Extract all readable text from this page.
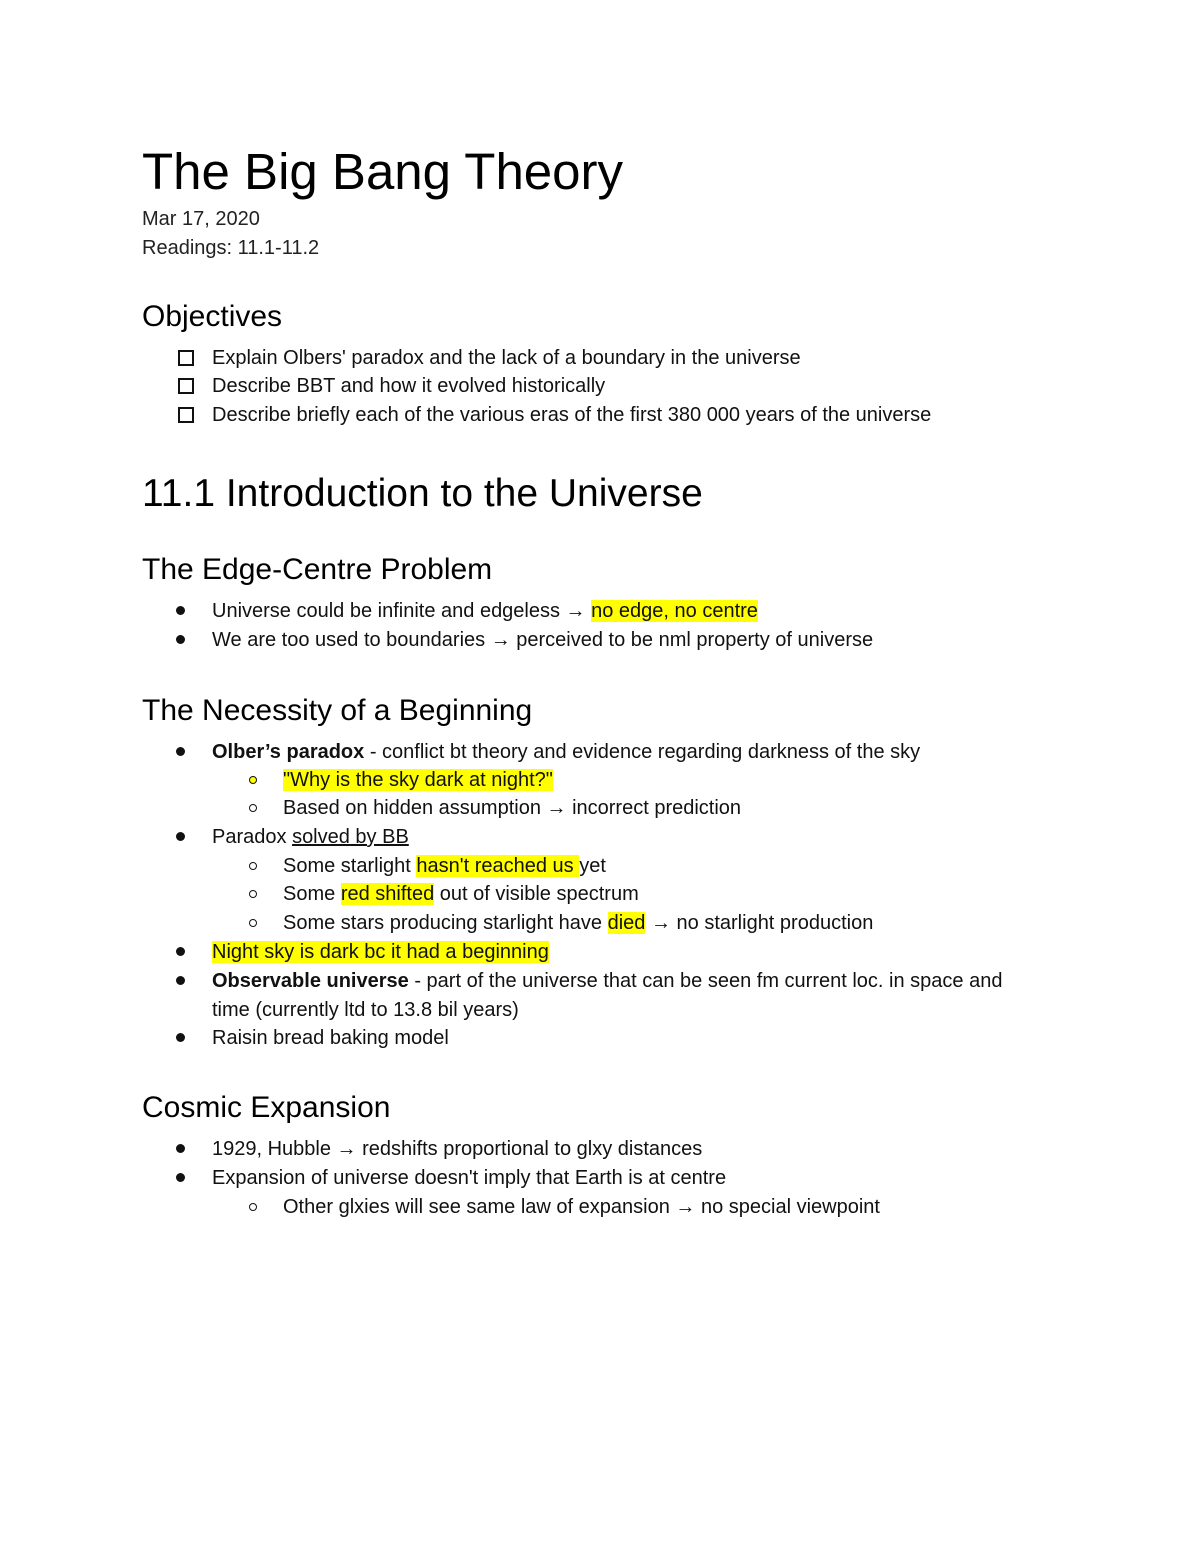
The Big Bang Theory
Mar 17, 2020
Readings: 11.1-11.2
Objectives
Explain Olbers' paradox and the lack of a boundary in the universe
Describe BBT and how it evolved historically
Describe briefly each of the various eras of the first 380 000 years of the universe
11.1 Introduction to the Universe
The Edge-Centre Problem
Universe could be infinite and edgeless → no edge, no centre
We are too used to boundaries → perceived to be nml property of universe
The Necessity of a Beginning
Olber’s paradox - conflict bt theory and evidence regarding darkness of the sky
"Why is the sky dark at night?"
Based on hidden assumption → incorrect prediction
Paradox solved by BB
Some starlight hasn't reached us yet
Some red shifted out of visible spectrum
Some stars producing starlight have died → no starlight production
Night sky is dark bc it had a beginning
Observable universe - part of the universe that can be seen fm current loc. in space and time (currently ltd to 13.8 bil years)
Raisin bread baking model
Cosmic Expansion
1929, Hubble → redshifts proportional to glxy distances
Expansion of universe doesn't imply that Earth is at centre
Other glxies will see same law of expansion → no special viewpoint
